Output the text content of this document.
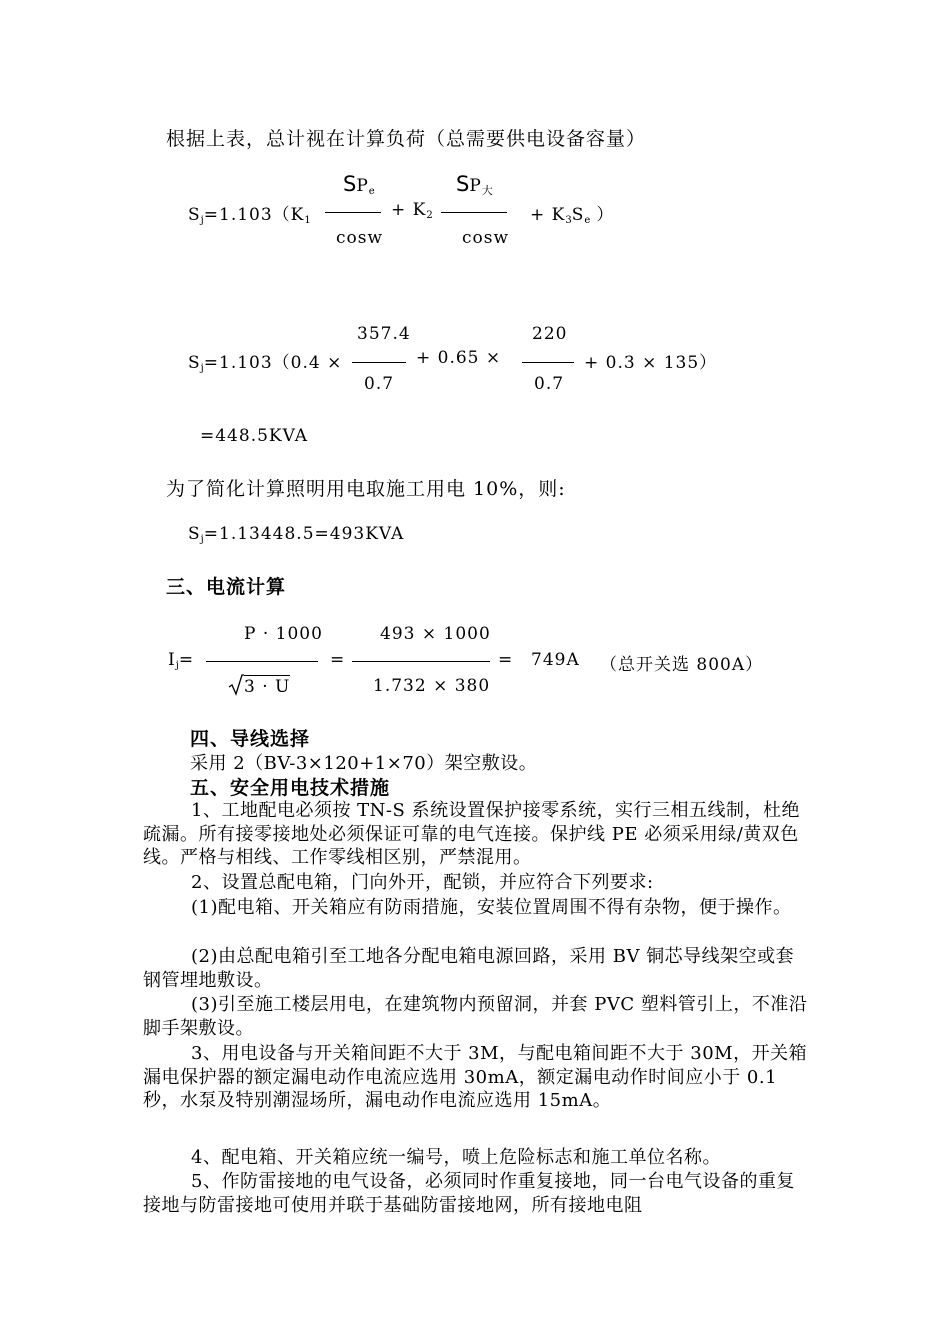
根据上表，总计视在计算负荷（总需要供电设备容量）
$S_j=1.103(K_1$
$SP_e$
cosw
+ $K_2$
$SP_大$
cosw
+ $K_3S_e$ ）
$S_j=1.103(0.4$ ×
357.4
0.7
+ 0.65 ×
220
0.7
+ 0.3 × 135）
=448.5KVA
为了简化计算照明用电取施工用电 10%，则:
$S_j=1.13448.5=493KVA$
三、电流计算
$I_j=$
P · 1000
3 · U
=
493 × 1000
1.732 × 380
= 749A （总开关选 800A）
四、导线选择
采用 2（BV-3×120+1×70）架空敷设。
五、安全用电技术措施
1、工地配电必须按 TN-S 系统设置保护接零系统，实行三相五线制，杜绝疏漏。所有接零接地处必须保证可靠的电气连接。保护线 PE 必须采用绿/黄双色线。严格与相线、工作零线相区别，严禁混用。
2、设置总配电箱，门向外开，配锁，并应符合下列要求:
(1)配电箱、开关箱应有防雨措施，安装位置周围不得有杂物，便于操作。
(2)由总配电箱引至工地各分配电箱电源回路，采用 BV 铜芯导线架空或套钢管埋地敷设。
(3)引至施工楼层用电，在建筑物内预留洞，并套 PVC 塑料管引上，不准沿脚手架敷设。
3、用电设备与开关箱间距不大于 3M，与配电箱间距不大于 30M，开关箱漏电保护器的额定漏电动作电流应选用 30mA，额定漏电动作时间应小于 0.1 秒，水泵及特别潮湿场所，漏电动作电流应选用 15mA。
4、配电箱、开关箱应统一编号，喷上危险标志和施工单位名称。
5、作防雷接地的电气设备，必须同时作重复接地，同一台电气设备的重复接地与防雷接地可使用并联于基础防雷接地网，所有接地电阻
